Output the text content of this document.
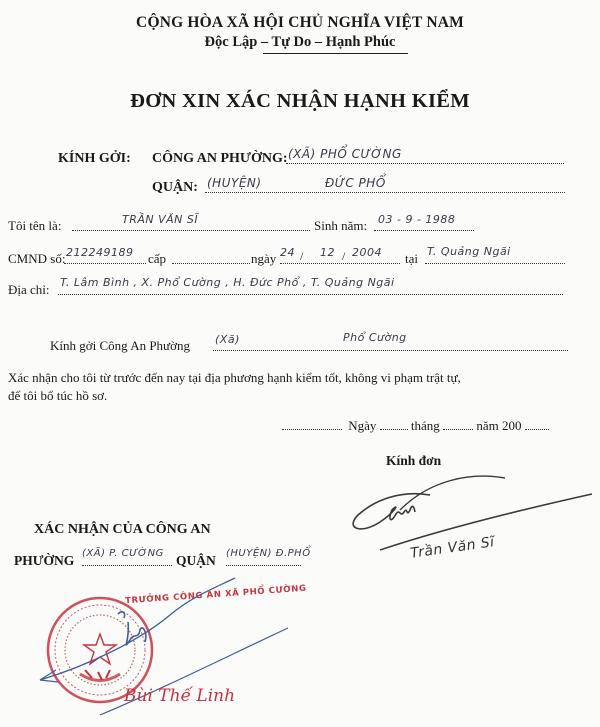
CỘNG HÒA XÃ HỘI CHỦ NGHĨA VIỆT NAM
Độc Lập – Tự Do – Hạnh Phúc
ĐƠN XIN XÁC NHẬN HẠNH KIỂM
KÍNH GỞI: CÔNG AN PHƯỜNG: (XÃ) PHỔ CƯỜNG
QUẬN: (HUYỆN)	ĐỨC PHỔ
Tôi tên là:	TRẦN VĂN SĨ	Sinh năm: 03 - 9 - 1988
CMND số: 212249189 cấp	ngày 24 / 12 / 2004 tại T. Quảng Ngãi
Địa chỉ: T. Lâm Bình , X. Phổ Cường , H. Đức Phổ , T. Quảng Ngãi
Kính gởi Công An Phường (Xã)	Phổ Cường
Xác nhận cho tôi từ trước đến nay tại địa phương hạnh kiểm tốt, không vi phạm trật tự,
để tôi bổ túc hồ sơ.
Ngày	tháng	năm 200
Kính đơn
Trần Văn Sĩ
XÁC NHẬN CỦA CÔNG AN
PHƯỜNG (XÃ) P. CƯỜNG QUẬN (HUYỆN) Đ.PHỔ
TRƯỞNG CÔNG AN XÃ PHỔ CƯỜNG
Bùi Thế Linh
